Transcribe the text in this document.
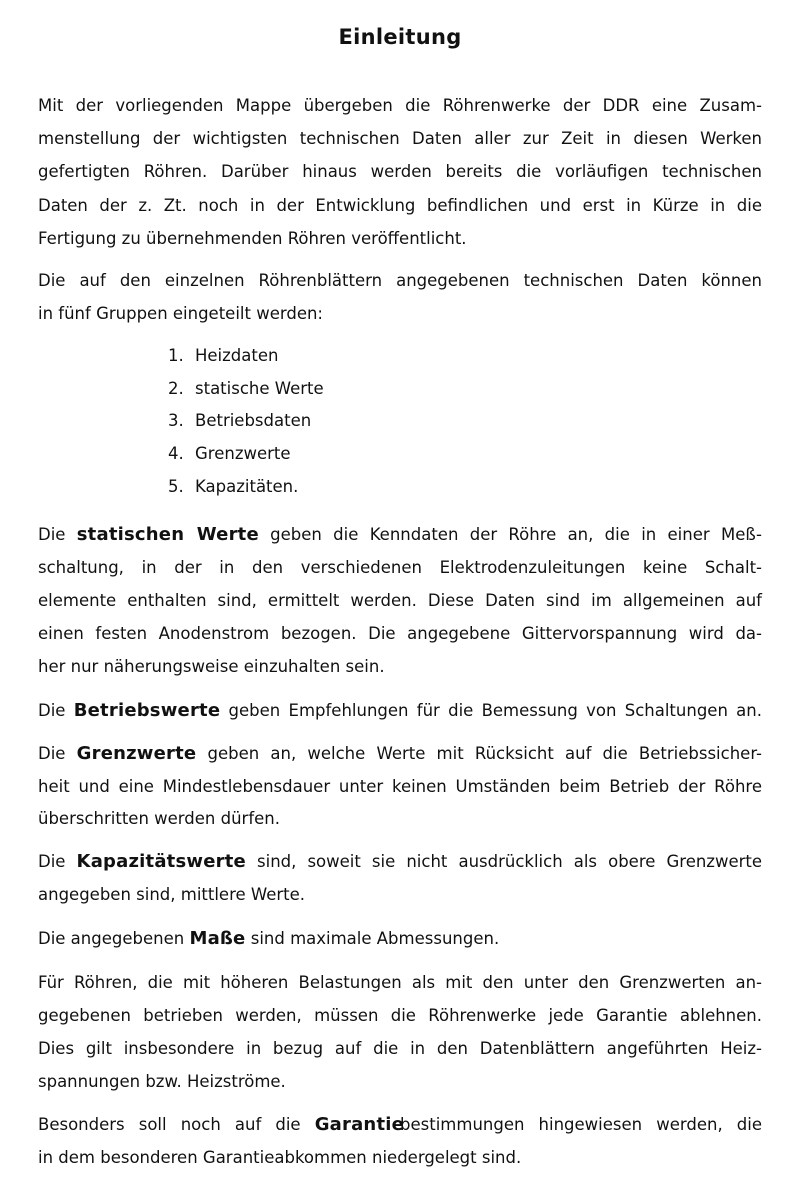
Einleitung
Mit der vorliegenden Mappe übergeben die Röhrenwerke der DDR eine Zusam-
menstellung der wichtigsten technischen Daten aller zur Zeit in diesen Werken
gefertigten Röhren. Darüber hinaus werden bereits die vorläufigen technischen
Daten der z. Zt. noch in der Entwicklung befindlichen und erst in Kürze in die
Fertigung zu übernehmenden Röhren veröffentlicht.
Die auf den einzelnen Röhrenblättern angegebenen technischen Daten können
in fünf Gruppen eingeteilt werden:
1. Heizdaten
2. statische Werte
3. Betriebsdaten
4. Grenzwerte
5. Kapazitäten.
Die statischen Werte geben die Kenndaten der Röhre an, die in einer Meß-
schaltung, in der in den verschiedenen Elektrodenzuleitungen keine Schalt-
elemente enthalten sind, ermittelt werden. Diese Daten sind im allgemeinen auf
einen festen Anodenstrom bezogen. Die angegebene Gittervorspannung wird da-
her nur näherungsweise einzuhalten sein.
Die Betriebswerte geben Empfehlungen für die Bemessung von Schaltungen an.
Die Grenzwerte geben an, welche Werte mit Rücksicht auf die Betriebssicher-
heit und eine Mindestlebensdauer unter keinen Umständen beim Betrieb der Röhre
überschritten werden dürfen.
Die Kapazitätswerte sind, soweit sie nicht ausdrücklich als obere Grenzwerte
angegeben sind, mittlere Werte.
Die angegebenen Maße sind maximale Abmessungen.
Für Röhren, die mit höheren Belastungen als mit den unter den Grenzwerten an-
gegebenen betrieben werden, müssen die Röhrenwerke jede Garantie ablehnen.
Dies gilt insbesondere in bezug auf die in den Datenblättern angeführten Heiz-
spannungen bzw. Heizströme.
Besonders soll noch auf die Garantiebestimmungen hingewiesen werden, die
in dem besonderen Garantieabkommen niedergelegt sind.
